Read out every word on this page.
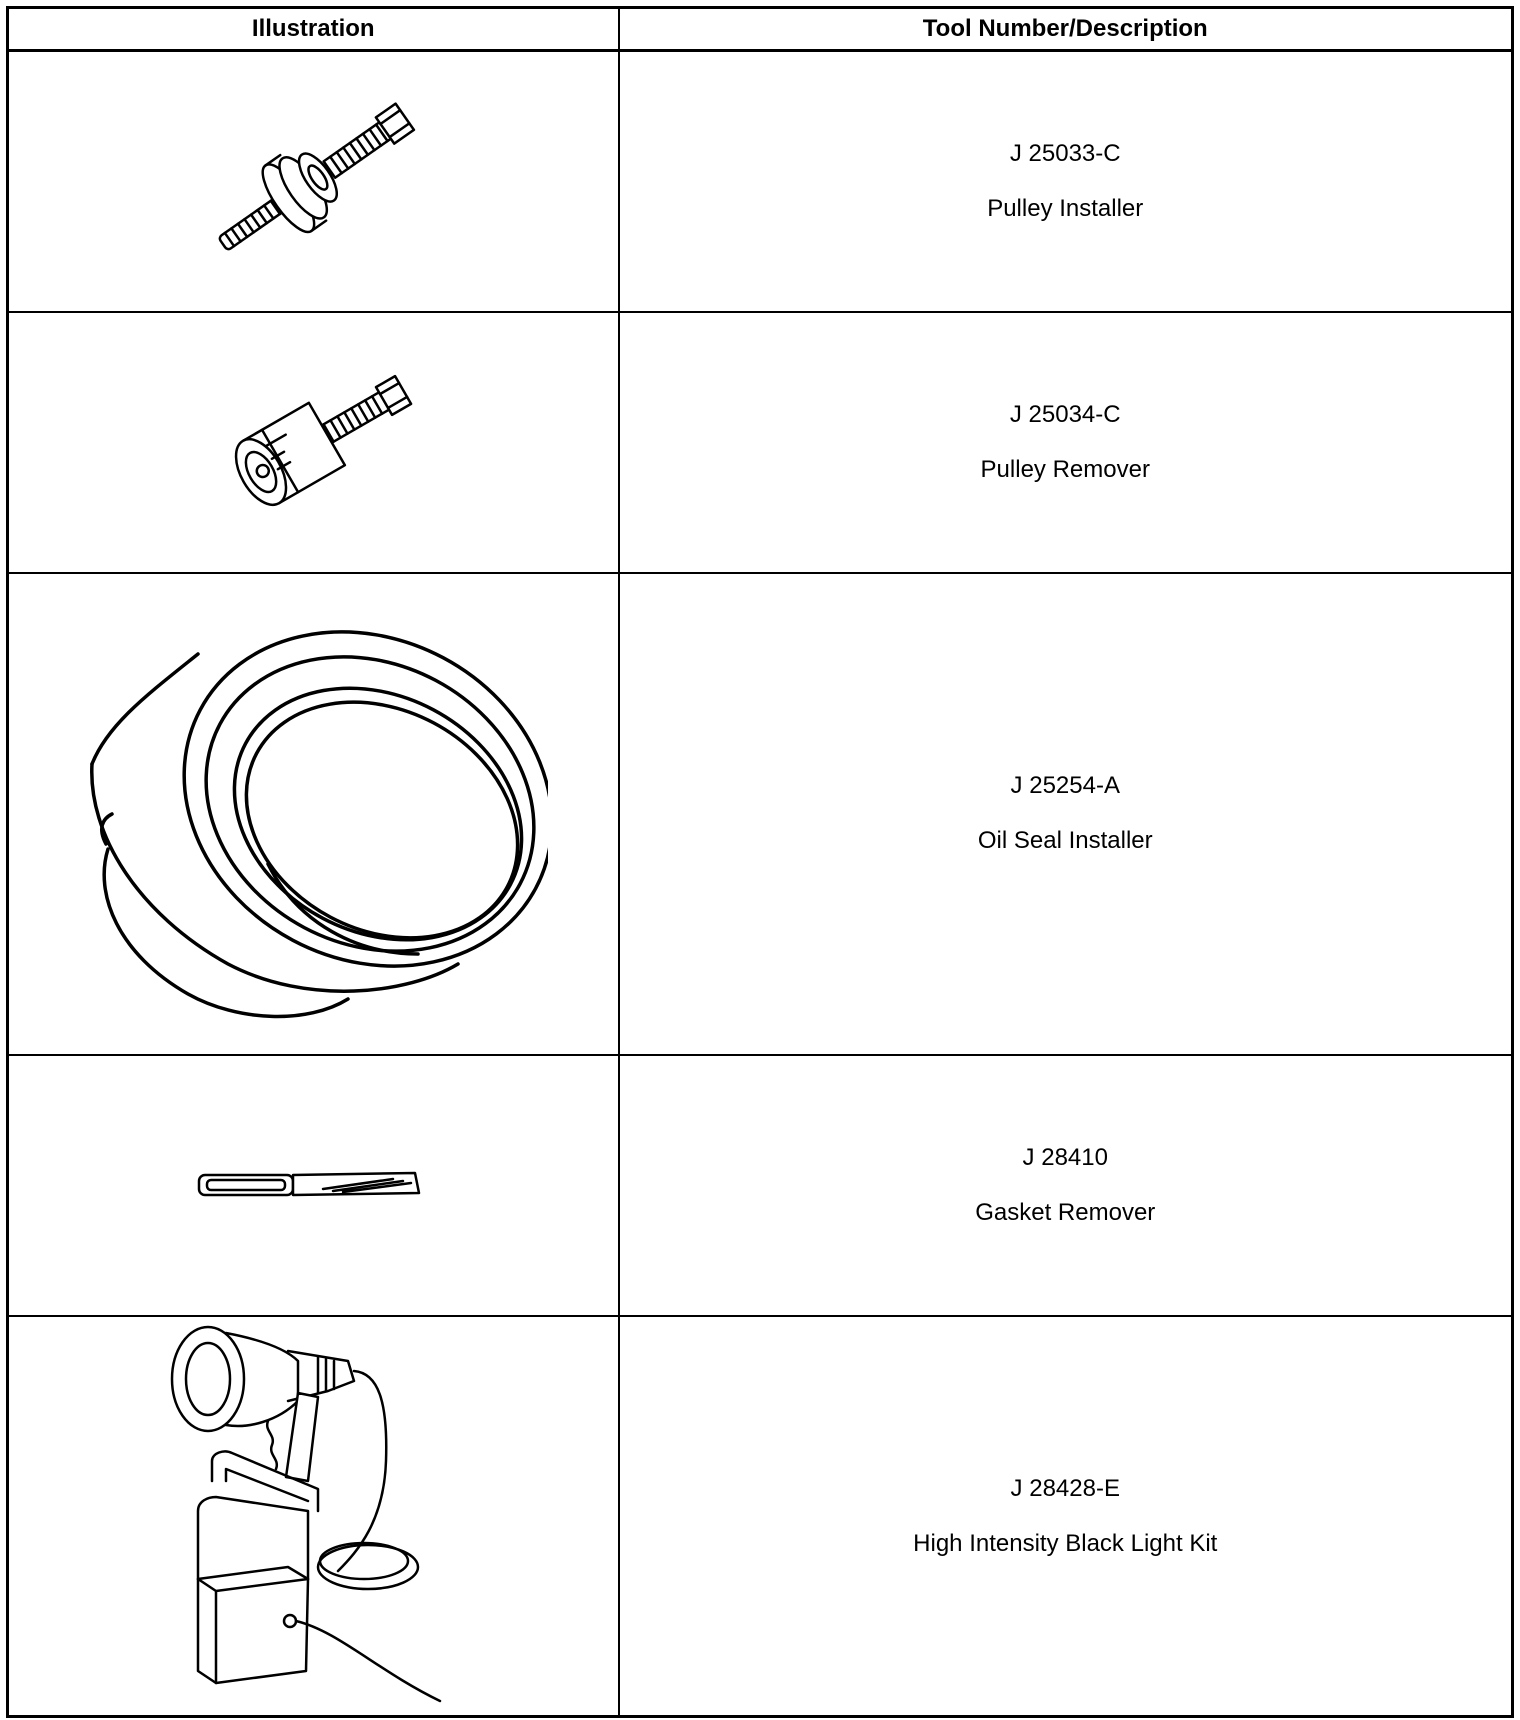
Illustration	Tool Number/Description

J 25033-C
Pulley Installer

J 25034-C
Pulley Remover

J 25254-A
Oil Seal Installer

J 28410
Gasket Remover

J 28428-E
High Intensity Black Light Kit
